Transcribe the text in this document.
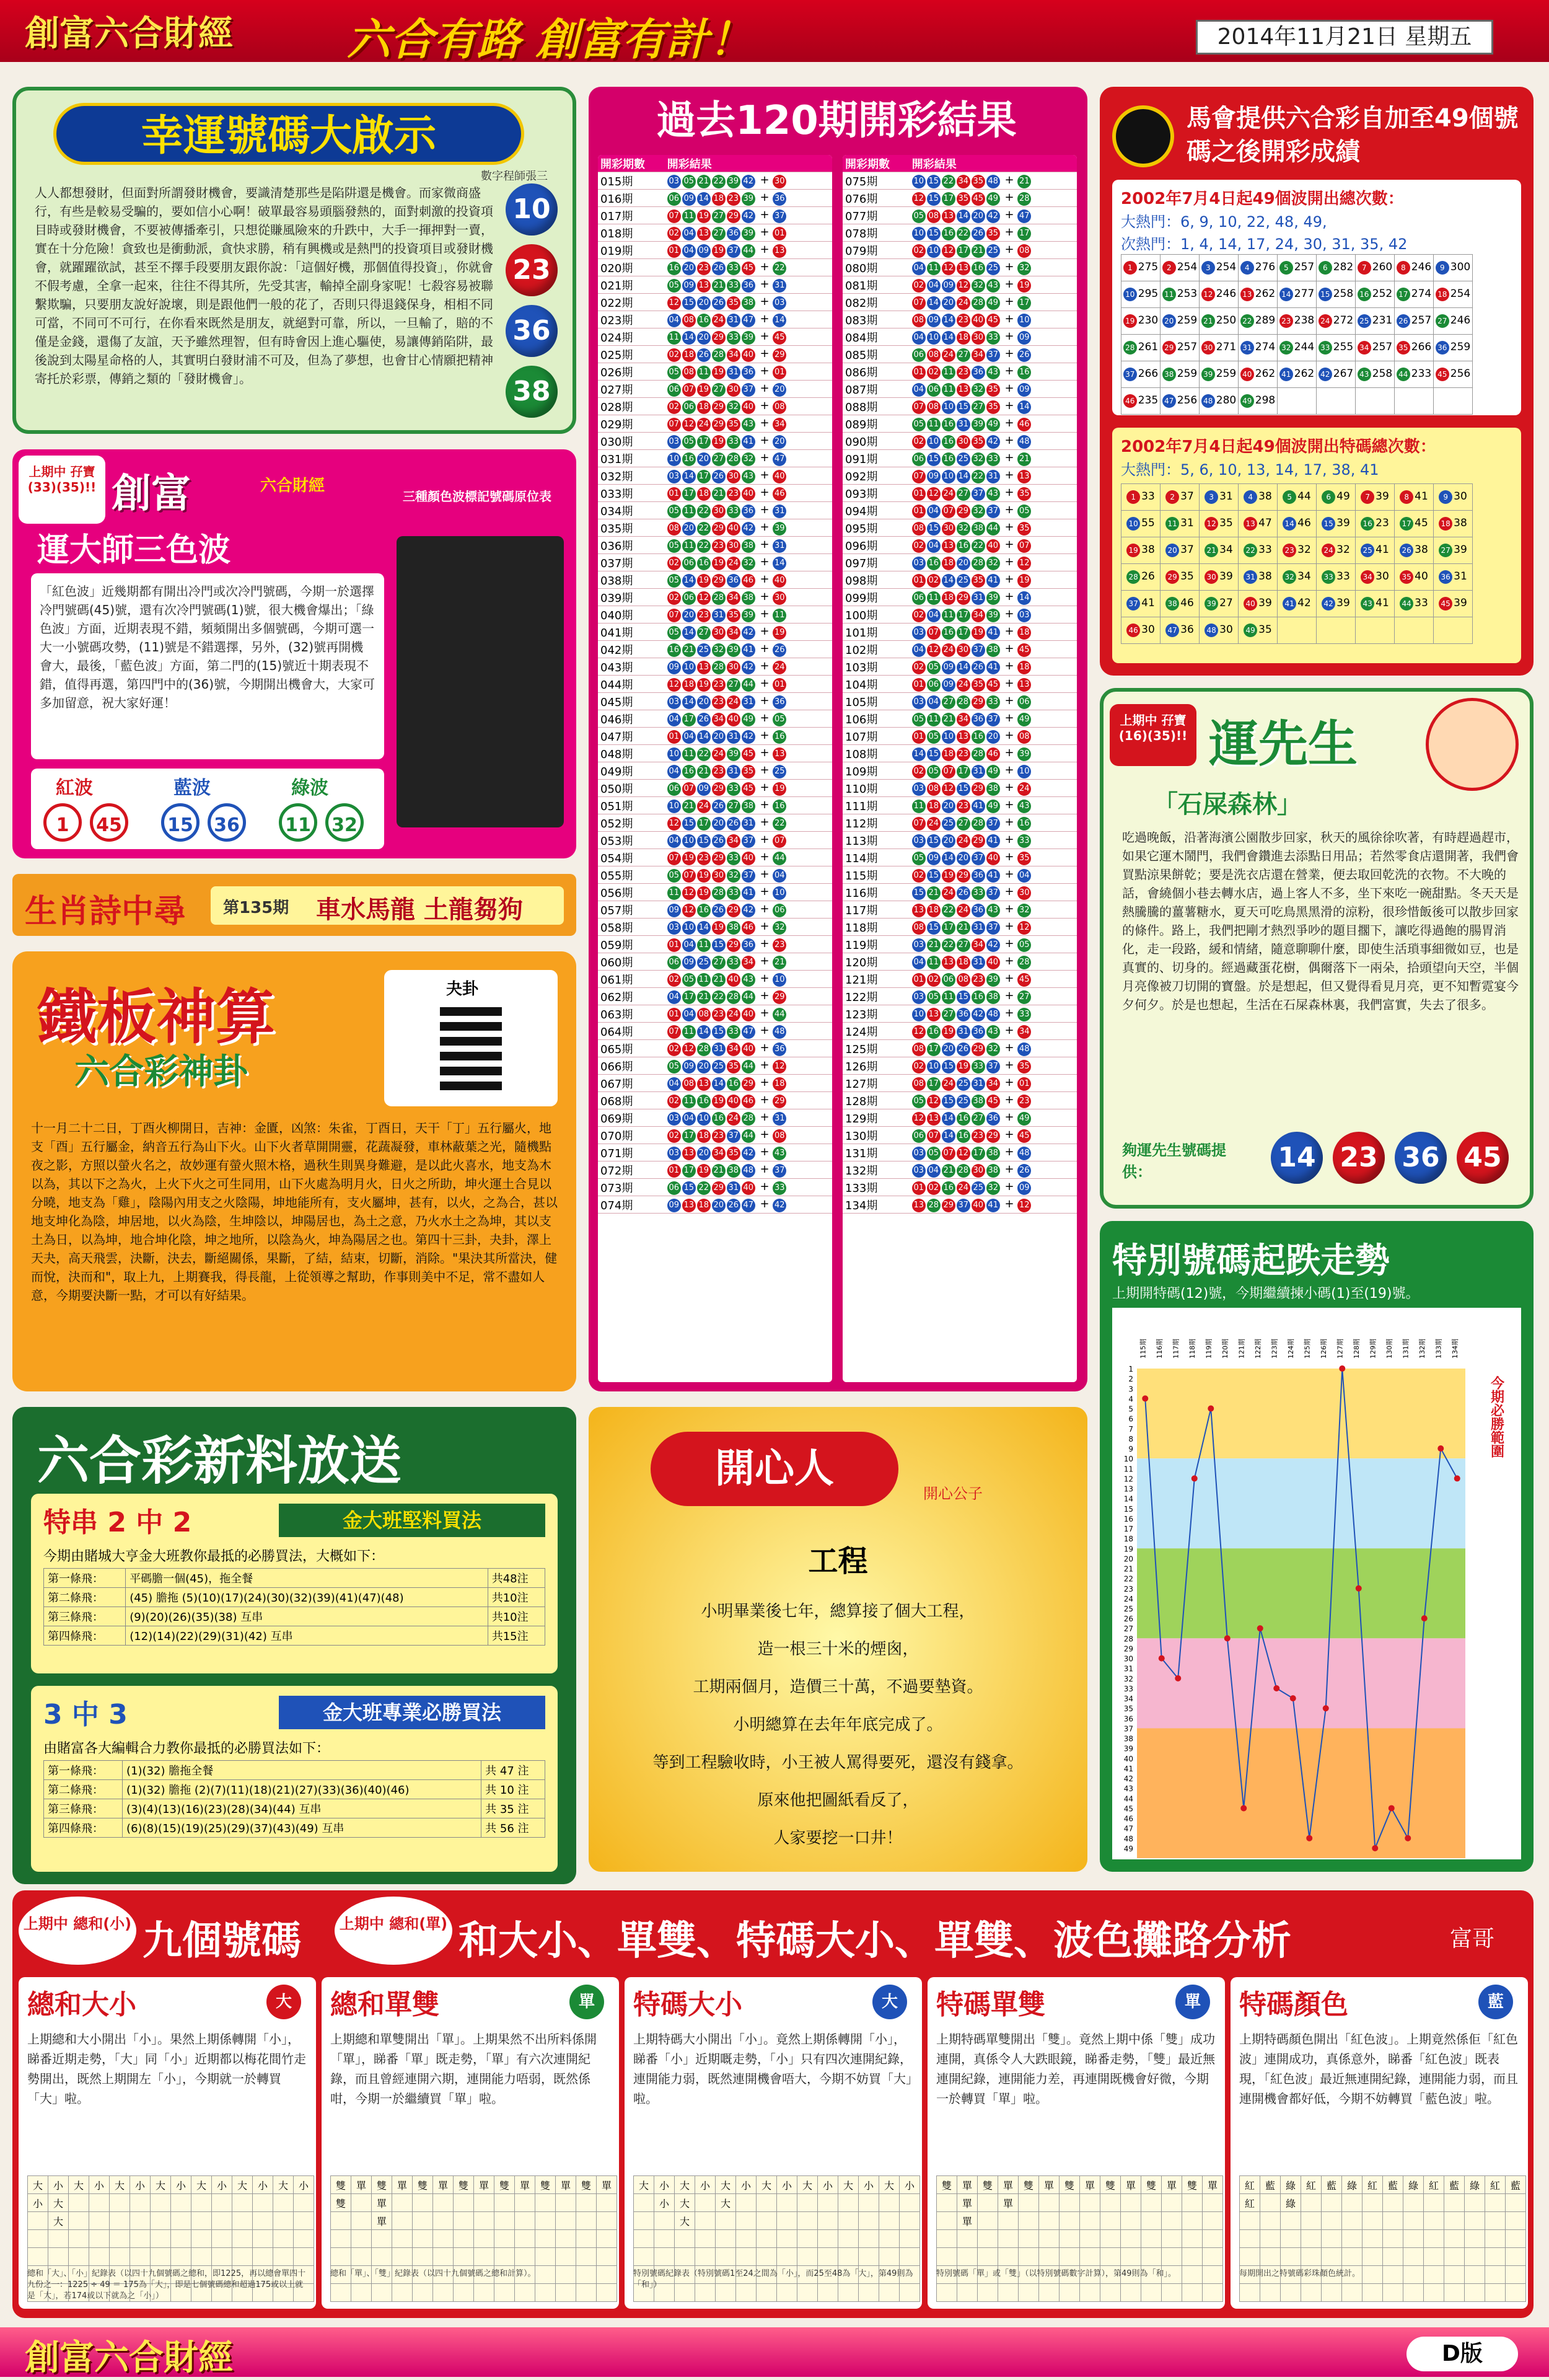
創富六合財經	六合有路 創富有計！	2014年11月21日 星期五
幸運號碼大啟示
數字程師張三
人人都想發財，但面對所謂發財機會，要識清楚那些是陷阱還是機會。而家微商盛行，有些是較易受騙的，要如信小心啊！破單最容易頭腦發熱的，面對刺激的投資項目時或發財機會，不要被傳播牽引，只想從賺風險來的升跌中，大手一揮押對一賣，實在十分危險！貪致也是衝動派，貪快求勝，稍有興機或是熱門的投資項目或發財機會，就躍躍欲試，甚至不擇手段要朋友跟你說：「這個好機，那個值得投資」，你就會不假考慮，全拿一起來，往往不得其所，先受其害，輸掉全副身家呢！七殺容易被聯繫欺騙，只要朋友說好說壞，則是跟他們一般的花了，否則只得退錢保身，相相不同可當，不同可不可行，在你看來既然是朋友，就絕對可靠，所以，一旦輸了，賠的不僅是金錢，還傷了友誼，天予雖然理智，但有時會因上進心驅使，易讓傳銷陷阱，最後說到太陽星命格的人，其實明白發財浦不可及，但為了夢想，也會甘心情願把精神寄托於彩票，傳銷之類的「發財機會」。
10
23
36
38
上期中 孖寶(33)(35)!! 創富	六合財經
運大師三色波
三種顏色波標記號碼原位表
「紅色波」近幾期都有開出冷門或次冷門號碼，今期一於選擇冷門號碼(45)號，還有次冷門號碼(1)號，很大機會爆出；「綠色波」方面，近期表現不錯，頻頻開出多個號碼，今期可選一大一小號碼攻勢，(11)號是不錯選擇，另外，(32)號再開機會大，最後，「藍色波」方面，第二門的(15)號近十期表現不錯，值得再選，第四門中的(36)號，今期開出機會大，大家可多加留意，祝大家好運！
紅波	藍波	綠波
1	45	15	36	11	32
生肖詩中尋 第135期 車水馬龍 土龍芻狗
鐵板神算
六合彩神卦
夬卦
十一月二十二日，丁酉火柳開日，吉神：金匱，凶煞：朱雀，丁酉日，天干「丁」五行屬火，地支「酉」五行屬金，納音五行為山下火。山下火者草開開靈，花蔬凝發，車林蔽葉之光，隨機點夜之影，方照以螢火名之，故妙運有螢火照木格，過秋生則異身難避，是以此火喜水，地支為木以為，其以下之為火，上火下火之可生同用，山下火處為明月火，日火之所助，坤火運土合見以分曉，地支為「雞」，陰陽內用支之火陰陽，坤地能所有，支火屬坤，甚有，以火，之為合，甚以地支坤化為陰，坤居地，以火為陰，生坤陰以，坤陽居也，為土之意，乃火水土之為坤，其以支土為日，以為坤，地合坤化陰，坤之地所，以陰為火，坤為陽居之也。第四十三卦，夬卦，澤上天夬，高天飛雲，決斷，決去，斷絕關係，果斷，了結，結束，切斷，消除。"果決其所當決，健而悅，決而和"，取上九，上期賽我，得長龍，上從領導之幫助，作事則美中不足，常不盡如人意，今期要決斷一點，才可以有好結果。
過去120期開彩結果
開彩期數	開彩結果
015期	03 05 21 22 39 42 + 30
016期	06 09 14 18 23 39 + 36
017期	07 11 19 27 29 42 + 37
018期	02 04 13 27 36 39 + 01
019期	01 04 09 19 37 44 + 13
020期	16 20 23 26 33 45 + 22
021期	05 09 13 21 33 36 + 31
022期	12 15 20 26 35 38 + 03
023期	04 08 16 24 31 47 + 14
024期	11 14 20 29 33 39 + 45
025期	02 18 26 28 34 40 + 29
026期	05 08 11 19 31 36 + 01
027期	06 07 19 27 30 37 + 20
028期	02 06 18 29 32 40 + 08
029期	07 12 24 29 35 43 + 34
030期	03 05 17 19 33 41 + 20
031期	10 16 20 27 28 32 + 47
032期	03 14 17 26 30 43 + 40
033期	01 17 18 21 23 40 + 46
034期	05 11 22 30 33 36 + 31
035期	08 20 22 29 40 42 + 39
036期	05 11 22 23 30 38 + 31
037期	02 06 16 19 24 32 + 14
038期	05 14 19 29 36 46 + 40
039期	02 06 12 28 34 38 + 30
040期	07 20 23 31 35 39 + 11
041期	05 14 27 30 34 42 + 19
042期	16 21 25 32 39 41 + 26
043期	09 10 13 28 30 42 + 24
044期	12 18 19 23 27 44 + 01
045期	03 14 20 23 24 31 + 36
046期	04 17 26 34 40 49 + 05
047期	01 04 14 20 31 42 + 16
048期	10 11 22 24 39 45 + 13
049期	04 16 21 23 31 35 + 25
050期	06 07 09 29 33 45 + 19
051期	10 21 24 26 27 38 + 16
052期	12 15 17 20 26 31 + 22
053期	04 10 15 26 34 37 + 07
054期	07 19 23 29 33 40 + 44
055期	05 07 19 30 32 37 + 04
056期	11 12 19 28 33 41 + 10
057期	09 12 16 26 29 42 + 06
058期	03 10 14 19 38 46 + 32
059期	01 04 11 15 29 36 + 23
060期	06 09 25 27 33 34 + 21
061期	02 05 11 21 40 43 + 10
062期	04 17 21 22 28 44 + 29
063期	01 04 08 23 24 40 + 44
064期	07 11 14 15 33 47 + 48
065期	02 12 28 31 34 40 + 36
066期	05 09 20 25 35 44 + 12
067期	04 08 13 14 16 29 + 18
068期	02 11 16 19 40 46 + 29
069期	03 04 10 16 24 28 + 31
070期	02 17 18 23 37 44 + 08
071期	03 13 20 34 35 42 + 43
072期	01 17 19 21 38 48 + 37
073期	06 15 22 29 31 40 + 33
074期	09 13 18 20 26 47 + 42
開彩期數	開彩結果
075期	10 15 22 34 35 48 + 21
076期	12 15 17 35 45 49 + 28
077期	05 08 13 14 20 42 + 47
078期	10 15 16 22 26 35 + 17
079期	02 10 12 17 21 25 + 08
080期	04 11 12 13 16 25 + 32
081期	02 04 09 12 32 43 + 19
082期	07 14 20 24 28 49 + 17
083期	08 09 14 23 40 45 + 10
084期	04 10 14 18 30 33 + 09
085期	06 08 24 27 34 37 + 26
086期	01 02 11 23 36 43 + 16
087期	04 06 11 13 32 35 + 09
088期	07 08 10 15 27 35 + 14
089期	05 11 16 31 39 49 + 46
090期	02 10 16 30 35 42 + 48
091期	06 15 16 25 32 33 + 21
092期	07 09 10 14 22 31 + 13
093期	01 12 24 27 37 43 + 35
094期	01 04 07 29 32 37 + 05
095期	08 15 30 32 38 44 + 35
096期	02 04 13 16 22 40 + 07
097期	03 16 18 20 28 32 + 12
098期	01 02 14 25 35 41 + 19
099期	06 11 18 29 31 39 + 14
100期	02 04 11 17 34 39 + 03
101期	03 07 16 17 19 41 + 18
102期	04 12 24 30 37 38 + 45
103期	02 05 09 14 26 41 + 18
104期	01 06 09 24 35 45 + 13
105期	03 04 27 28 29 33 + 06
106期	05 11 21 34 36 37 + 49
107期	01 05 10 13 16 20 + 08
108期	14 15 18 23 28 46 + 39
109期	02 05 07 17 31 49 + 10
110期	03 08 12 15 29 38 + 24
111期	11 18 20 23 41 49 + 43
112期	07 24 25 27 28 37 + 16
113期	03 15 20 24 29 41 + 33
114期	05 09 14 20 37 40 + 35
115期	02 15 19 29 36 41 + 04
116期	15 21 24 26 33 37 + 30
117期	13 18 22 24 36 43 + 32
118期	08 15 17 21 31 37 + 12
119期	03 21 22 27 34 42 + 05
120期	04 11 13 18 31 40 + 28
121期	01 02 06 08 23 39 + 45
122期	03 05 11 15 16 38 + 27
123期	10 13 27 36 42 48 + 33
124期	12 16 19 31 36 43 + 34
125期	08 17 20 26 29 32 + 48
126期	02 10 15 19 33 37 + 35
127期	08 17 24 25 31 34 + 01
128期	05 12 15 25 38 45 + 23
129期	12 13 14 16 27 36 + 49
130期	06 07 14 16 23 29 + 45
131期	03 05 07 12 17 38 + 48
132期	03 04 21 28 30 38 + 26
133期	01 02 16 24 25 32 + 09
134期	13 28 29 37 40 41 + 12
馬會提供六合彩自加至49個號碼之後開彩成績
2002年7月4日起49個波開出總次數：
大熱門：6, 9, 10, 22, 48, 49,
次熱門：1, 4, 14, 17, 24, 30, 31, 35, 42
1 275	2 254	3 254	4 276	5 257	6 282	7 260	8 246	9 300
10 295	11 253	12 246	13 262	14 277	15 258	16 252	17 274	18 254
19 230	20 259	21 250	22 289	23 238	24 272	25 231	26 257	27 246
28 261	29 257	30 271	31 274	32 244	33 255	34 257	35 266	36 259
37 266	38 259	39 259	40 262	41 262	42 267	43 258	44 233	45 256
46 235	47 256	48 280	49 298					
2002年7月4日起49個波開出特碼總次數：
大熱門：5, 6, 10, 13, 14, 17, 38, 41
1 33	2 37	3 31	4 38	5 44	6 49	7 39	8 41	9 30
10 55	11 31	12 35	13 47	14 46	15 39	16 23	17 45	18 38
19 38	20 37	21 34	22 33	23 32	24 32	25 41	26 38	27 39
28 26	29 35	30 39	31 38	32 34	33 33	34 30	35 40	36 31
37 41	38 46	39 27	40 39	41 42	42 39	43 41	44 33	45 39
46 30	47 36	48 30	49 35					
上期中 孖寶(16)(35)!! 運先生
「石屎森林」
吃過晚飯，沿著海濱公園散步回家，秋天的風徐徐吹著，有時趕過趕市，如果它運木鬧門，我們會鑽進去添點日用品；若然零食店還開著，我們會買點涼果餅乾；要是洗衣店還在營業，便去取回乾洗的衣物。不大晚的話，會繞個小巷去轉水店，過上客人不多，坐下來吃一碗甜點。冬天天是熱騰騰的薑薯糖水，夏天可吃鳥黑黑滑的涼粉，很珍惜飯後可以散步回家的條件。路上，我們把剛才熱烈爭吵的題目擱下，讓吃得過飽的腸胃消化，走一段路，緩和情緒，隨意聊聊什麼，即使生活瑣事細微如豆，也是真實的、切身的。經過藏蛋花樹，偶爾落下一兩朵，拾頭望向天空，半個月亮像被刀切開的寶盤。於是想起，但又覺得看見月亮，更不知暫霓宴今夕何夕。於是也想起，生活在石屎森林裏，我們富實，失去了很多。
夠運先生號碼提供：	14 23 36 45
特別號碼起跌走勢
上期開特碼(12)號，今期繼續揀小碼(1)至(19)號。
1
2
3
4
5
6
7
8
9
10
11
12
13
14
15
16
17
18
19
20
21
22
23
24
25
26
27
28
29
30
31
32
33
34
35
36
37
38
39
40
41
42
43
44
45
46
47
48
49
115期 116期 117期 118期 119期 120期 121期 122期 123期 124期 125期 126期 127期 128期 129期 130期 131期 132期 133期 134期
今期必勝範圍
六合彩新料放送
特串 2 中 2	金大班堅料買法
今期由賭城大亨金大班教你最抵的必勝買法，大概如下：
第一條飛：	平碼膽一個(45)，拖全餐	共48注
第二條飛：	(45) 膽拖 (5)(10)(17)(24)(30)(32)(39)(41)(47)(48)	共10注
第三條飛：	(9)(20)(26)(35)(38) 互串	共10注
第四條飛：	(12)(14)(22)(29)(31)(42) 互串	共15注
3 中 3	金大班專業必勝買法
由賭富各大編輯合力教你最抵的必勝買法如下：
第一條飛：	(1)(32) 膽拖全餐	共 47 注
第二條飛：	(1)(32) 膽拖 (2)(7)(11)(18)(21)(27)(33)(36)(40)(46)	共 10 注
第三條飛：	(3)(4)(13)(16)(23)(28)(34)(44) 互串	共 35 注
第四條飛：	(6)(8)(15)(19)(25)(29)(37)(43)(49) 互串	共 56 注
開心人
開心公子
工程
小明畢業後七年，總算接了個大工程，
造一根三十米的煙囪，
工期兩個月，造價三十萬，不過要墊資。
小明總算在去年年底完成了。
等到工程驗收時，小王被人罵得要死，還沒有錢拿。
原來他把圖紙看反了，
人家要挖一口井！
上期中 總和(小)	上期中 總和(單)
九個號碼	和大小、單雙、特碼大小、單雙、波色攤路分析	富哥
總和大小	大
上期總和大小開出「小」。果然上期係轉開「小」，睇番近期走勢，「大」同「小」近期都以梅花間竹走勢開出，既然上期開左「小」，今期就一於轉買「大」啦。
大	小	大	小	大	小	大	小	大	小	大	小	大	小
小	大												
	大												

總和「大」、「小」紀錄表（以四十九個號碼之總和，即1225，再以總會單四十九份之一：1225 ÷ 49 ＝ 175為「大」，即是七個號碼總和超過175或以上就是「大」，若174或以下就為之「小」）
總和單雙	單
上期總和單雙開出「單」。上期果然不出所料係開「單」，睇番「單」既走勢，「單」有六次連開紀錄，而且曾經連開六期，連開能力唔弱，既然係咁，今期一於繼續買「單」啦。
雙	單	雙	單	雙	單	雙	單	雙	單	雙	單	雙	單
雙		單											
		單											

總和「單」、「雙」紀錄表（以四十九個號碼之總和計算）。
特碼大小	大
上期特碼大小開出「小」。竟然上期係轉開「小」，睇番「小」近期嘅走勢，「小」只有四次連開紀錄，連開能力弱，既然連開機會唔大，今期不妨買「大」啦。
大	小	大	小	大	小	大	小	大	小	大	小	大	小
	小	大		大									
		大											

特別號碼紀錄表（特別號碼1至24之間為「小」，而25至48為「大」，第49則為「和」）
特碼單雙	單
上期特碼單雙開出「雙」。竟然上期中係「雙」成功連開，真係令人大跌眼鏡，睇番走勢，「雙」最近無連開紀錄，連開能力差，再連開既機會好微，今期一於轉買「單」啦。
雙	單	雙	單	雙	單	雙	單	雙	單	雙	單	雙	單
	單		單										
	單												

特別號碼「單」或「雙」（以特別號碼數字計算），第49則為「和」。
特碼顏色	藍
上期特碼顏色開出「紅色波」。上期竟然係佢「紅色波」連開成功，真係意外，睇番「紅色波」既表現，「紅色波」最近無連開紀錄，連開能力弱，而且連開機會都好低，今期不妨轉買「藍色波」啦。
紅	藍	綠	紅	藍	綠	紅	藍	綠	紅	藍	綠	紅	藍
紅		綠											

每期開出之特號碼彩珠顏色統計。
創富六合財經	D版
